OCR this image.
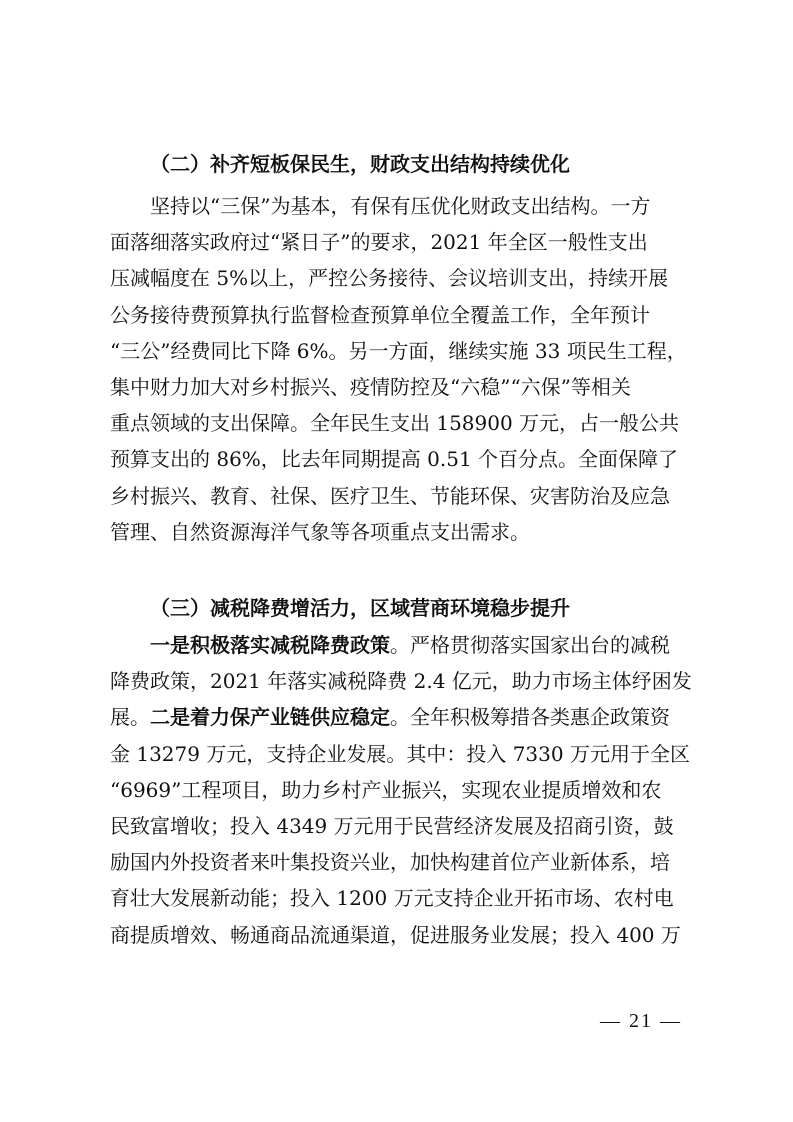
（二）补齐短板保民生，财政支出结构持续优化

坚持以“三保”为基本，有保有压优化财政支出结构。一方
面落细落实政府过“紧日子”的要求，2021 年全区一般性支出
压减幅度在 5%以上，严控公务接待、会议培训支出，持续开展
公务接待费预算执行监督检查预算单位全覆盖工作，全年预计
“三公”经费同比下降 6%。另一方面，继续实施 33 项民生工程，
集中财力加大对乡村振兴、疫情防控及“六稳”“六保”等相关
重点领域的支出保障。全年民生支出 158900 万元，占一般公共
预算支出的 86%，比去年同期提高 0.51 个百分点。全面保障了
乡村振兴、教育、社保、医疗卫生、节能环保、灾害防治及应急
管理、自然资源海洋气象等各项重点支出需求。

（三）减税降费增活力，区域营商环境稳步提升

一是积极落实减税降费政策。严格贯彻落实国家出台的减税
降费政策，2021 年落实减税降费 2.4 亿元，助力市场主体纾困发
展。二是着力保产业链供应稳定。全年积极筹措各类惠企政策资
金 13279 万元，支持企业发展。其中：投入 7330 万元用于全区
“6969”工程项目，助力乡村产业振兴，实现农业提质增效和农
民致富增收；投入 4349 万元用于民营经济发展及招商引资，鼓
励国内外投资者来叶集投资兴业，加快构建首位产业新体系，培
育壮大发展新动能；投入 1200 万元支持企业开拓市场、农村电
商提质增效、畅通商品流通渠道，促进服务业发展；投入 400 万
— 21 —
